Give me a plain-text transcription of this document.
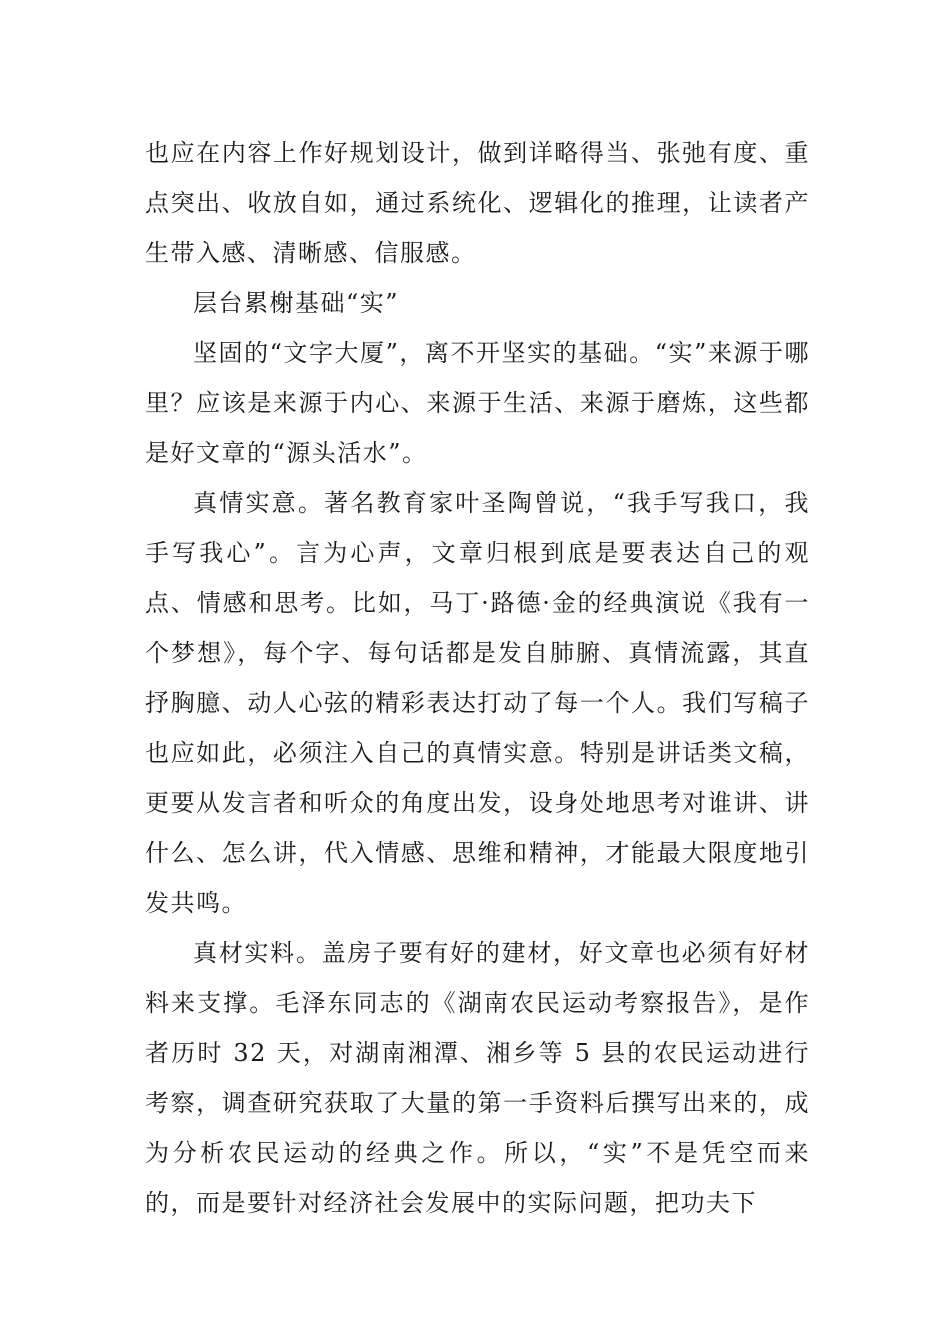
也应在内容上作好规划设计，做到详略得当、张弛有度、重点突出、收放自如，通过系统化、逻辑化的推理，让读者产生带入感、清晰感、信服感。

层台累榭基础“实”

坚固的“文字大厦”，离不开坚实的基础。“实”来源于哪里？应该是来源于内心、来源于生活、来源于磨炼，这些都是好文章的“源头活水”。

真情实意。著名教育家叶圣陶曾说，“我手写我口，我手写我心”。言为心声，文章归根到底是要表达自己的观点、情感和思考。比如，马丁·路德·金的经典演说《我有一个梦想》，每个字、每句话都是发自肺腑、真情流露，其直抒胸臆、动人心弦的精彩表达打动了每一个人。我们写稿子也应如此，必须注入自己的真情实意。特别是讲话类文稿，更要从发言者和听众的角度出发，设身处地思考对谁讲、讲什么、怎么讲，代入情感、思维和精神，才能最大限度地引发共鸣。

真材实料。盖房子要有好的建材，好文章也必须有好材料来支撑。毛泽东同志的《湖南农民运动考察报告》，是作者历时 32 天，对湖南湘潭、湘乡等 5 县的农民运动进行考察，调查研究获取了大量的第一手资料后撰写出来的，成为分析农民运动的经典之作。所以，“实”不是凭空而来的，而是要针对经济社会发展中的实际问题，把功夫下
